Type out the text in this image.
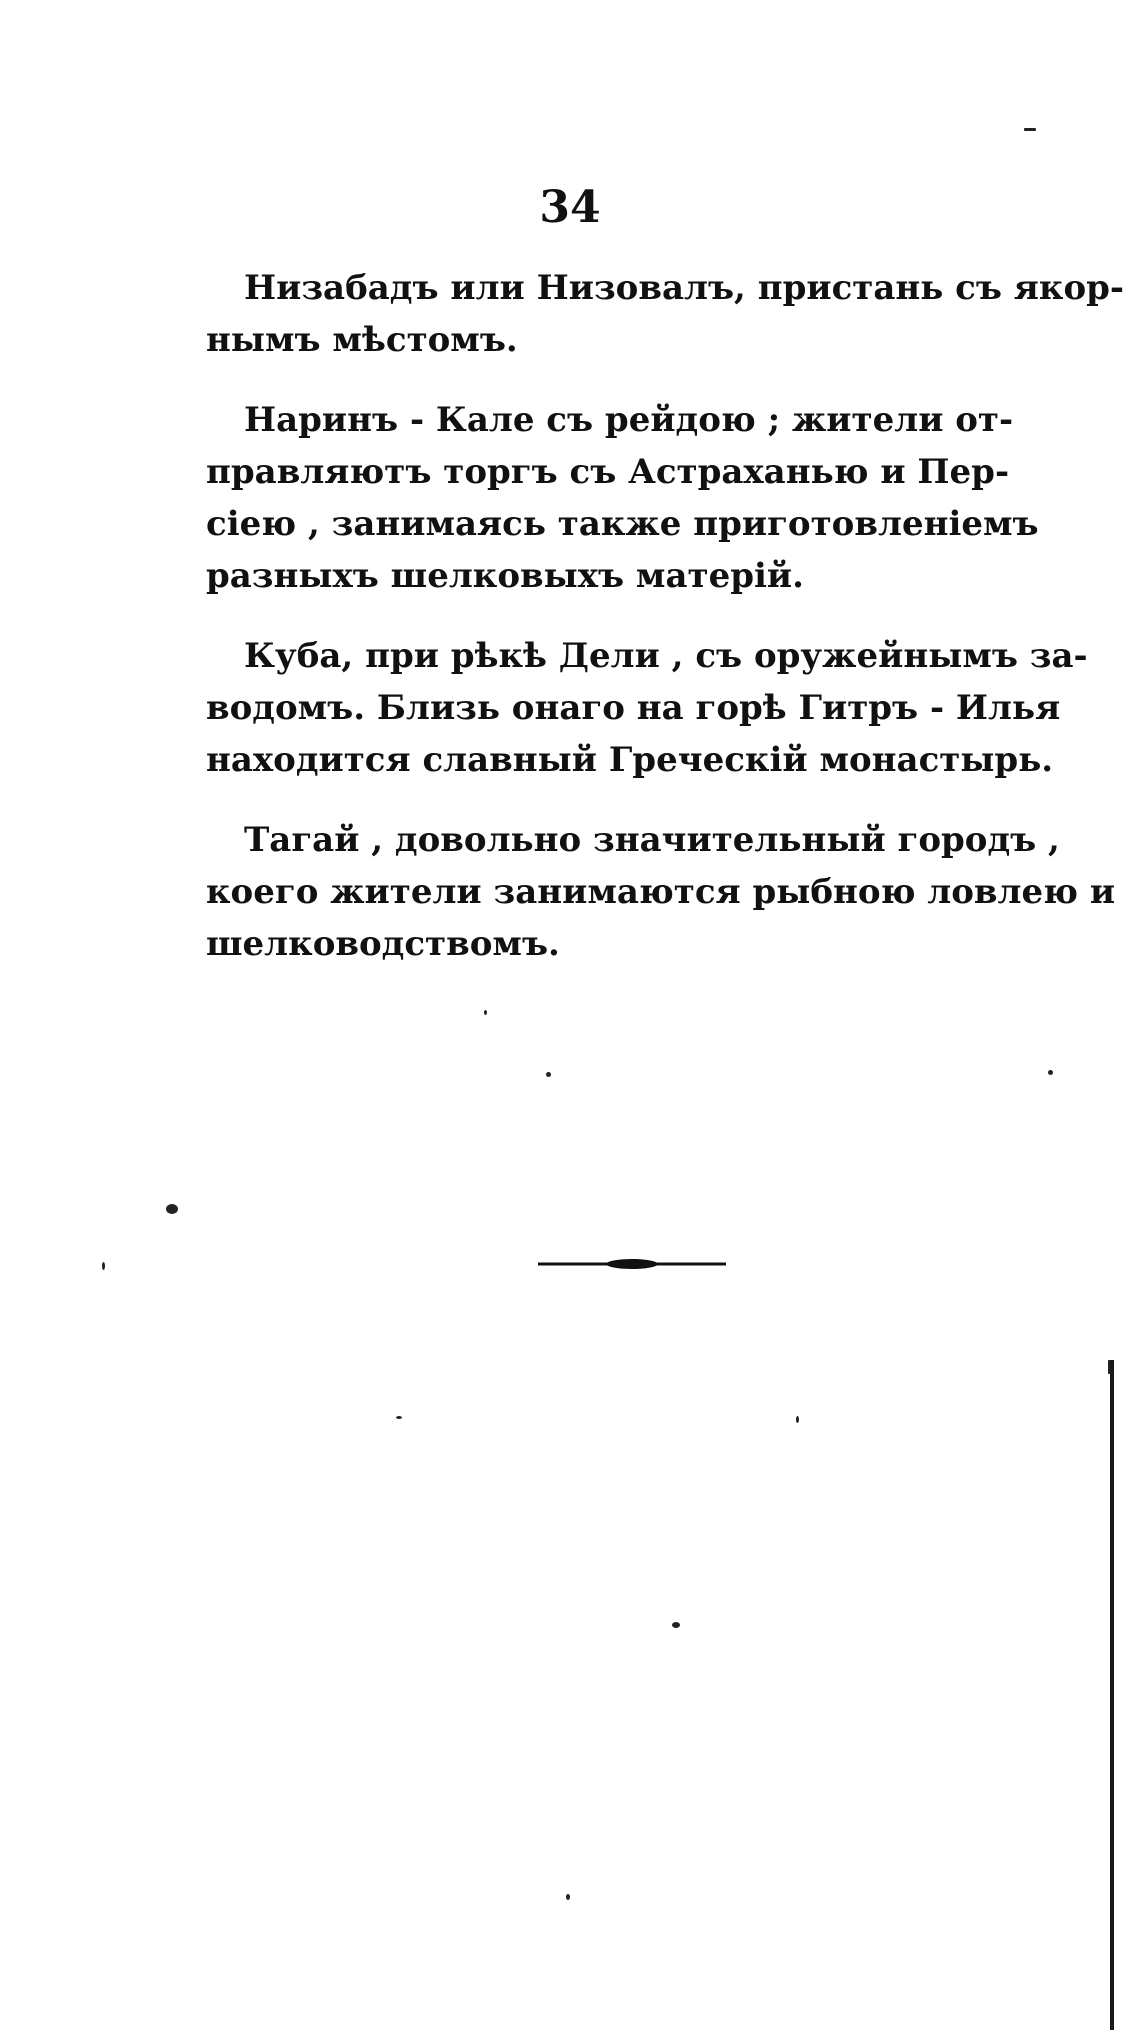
34

Низабадъ или Низовалъ, пристань съ якор-
нымъ мѣстомъ.

Наринъ - Кале съ рейдою ; жители от-
правляютъ торгъ съ Астраханью и Пер-
сіею , занимаясь также приготовленіемъ
разныхъ шелковыхъ матерій.

Куба, при рѣкѣ Дели , съ оружейнымъ за-
водомъ. Близь онаго на горѣ Гитръ - Илья
находится славный Греческій монастырь.

Тагай , довольно значительный городъ ,
коего жители занимаются рыбною ловлею и
шелководствомъ.
